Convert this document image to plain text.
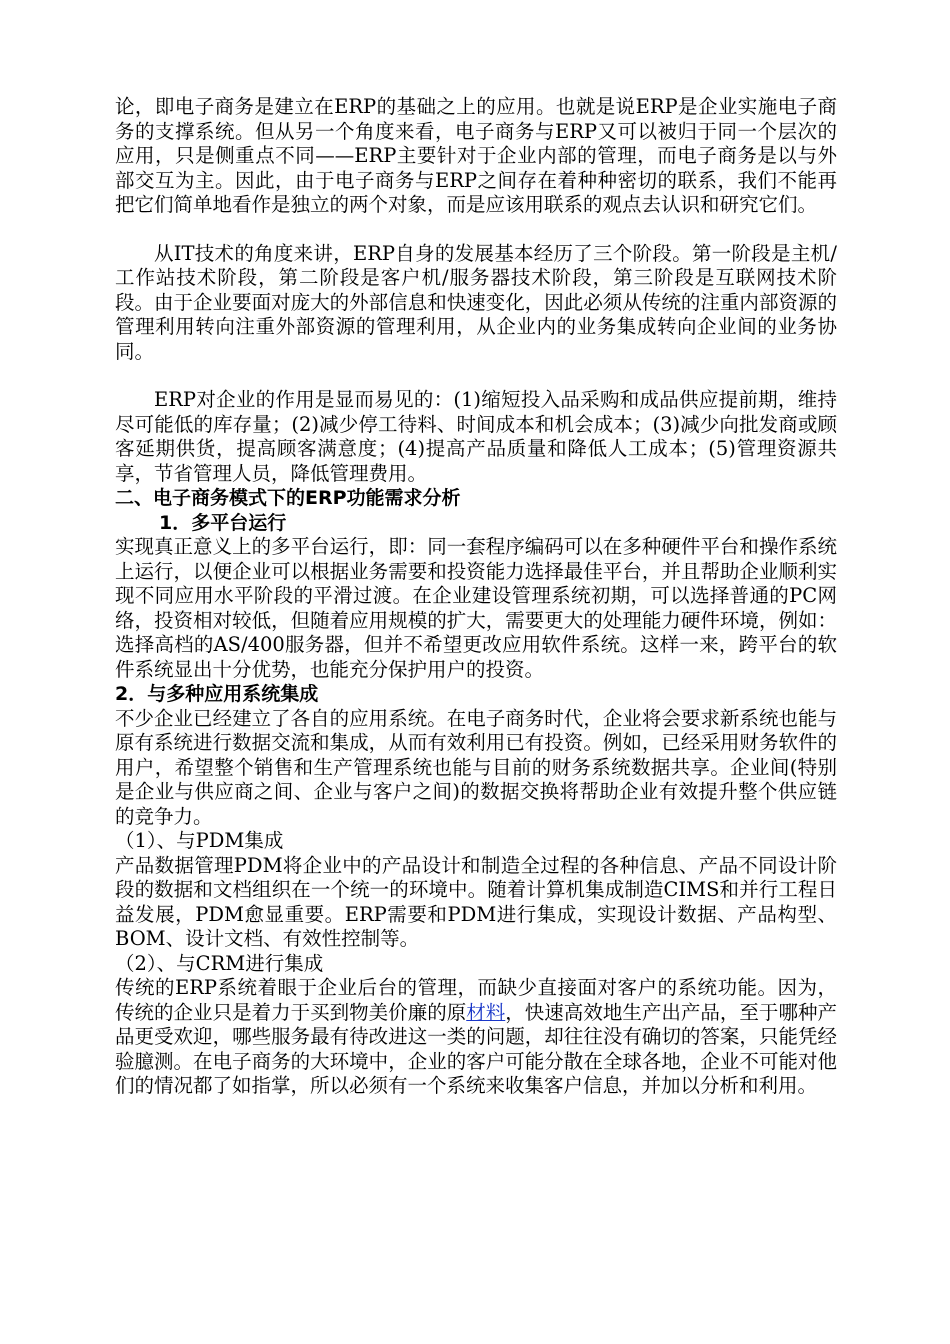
论，即电子商务是建立在ERP的基础之上的应用。也就是说ERP是企业实施电子商务的支撑系统。但从另一个角度来看，电子商务与ERP又可以被归于同一个层次的应用，只是侧重点不同——ERP主要针对于企业内部的管理，而电子商务是以与外部交互为主。因此，由于电子商务与ERP之间存在着种种密切的联系，我们不能再把它们简单地看作是独立的两个对象，而是应该用联系的观点去认识和研究它们。

从IT技术的角度来讲，ERP自身的发展基本经历了三个阶段。第一阶段是主机/工作站技术阶段，第二阶段是客户机/服务器技术阶段，第三阶段是互联网技术阶段。由于企业要面对庞大的外部信息和快速变化，因此必须从传统的注重内部资源的管理利用转向注重外部资源的管理利用，从企业内的业务集成转向企业间的业务协同。

ERP对企业的作用是显而易见的：(1)缩短投入品采购和成品供应提前期，维持尽可能低的库存量；(2)减少停工待料、时间成本和机会成本；(3)减少向批发商或顾客延期供货，提高顾客满意度；(4)提高产品质量和降低人工成本；(5)管理资源共享，节省管理人员，降低管理费用。

二、电子商务模式下的ERP功能需求分析

1．多平台运行

实现真正意义上的多平台运行，即：同一套程序编码可以在多种硬件平台和操作系统上运行，以便企业可以根据业务需要和投资能力选择最佳平台，并且帮助企业顺利实现不同应用水平阶段的平滑过渡。在企业建设管理系统初期，可以选择普通的PC网络，投资相对较低，但随着应用规模的扩大，需要更大的处理能力硬件环境，例如：选择高档的AS/400服务器，但并不希望更改应用软件系统。这样一来，跨平台的软件系统显出十分优势，也能充分保护用户的投资。

2．与多种应用系统集成

不少企业已经建立了各自的应用系统。在电子商务时代，企业将会要求新系统也能与原有系统进行数据交流和集成，从而有效利用已有投资。例如，已经采用财务软件的用户，希望整个销售和生产管理系统也能与目前的财务系统数据共享。企业间(特别是企业与供应商之间、企业与客户之间)的数据交换将帮助企业有效提升整个供应链的竞争力。

（1）、与PDM集成

产品数据管理PDM将企业中的产品设计和制造全过程的各种信息、产品不同设计阶段的数据和文档组织在一个统一的环境中。随着计算机集成制造CIMS和并行工程日益发展，PDM愈显重要。ERP需要和PDM进行集成，实现设计数据、产品构型、BOM、设计文档、有效性控制等。

（2）、与CRM进行集成

传统的ERP系统着眼于企业后台的管理，而缺少直接面对客户的系统功能。因为，传统的企业只是着力于买到物美价廉的原材料，快速高效地生产出产品，至于哪种产品更受欢迎，哪些服务最有待改进这一类的问题，却往往没有确切的答案，只能凭经验臆测。在电子商务的大环境中，企业的客户可能分散在全球各地，企业不可能对他们的情况都了如指掌，所以必须有一个系统来收集客户信息，并加以分析和利用。
